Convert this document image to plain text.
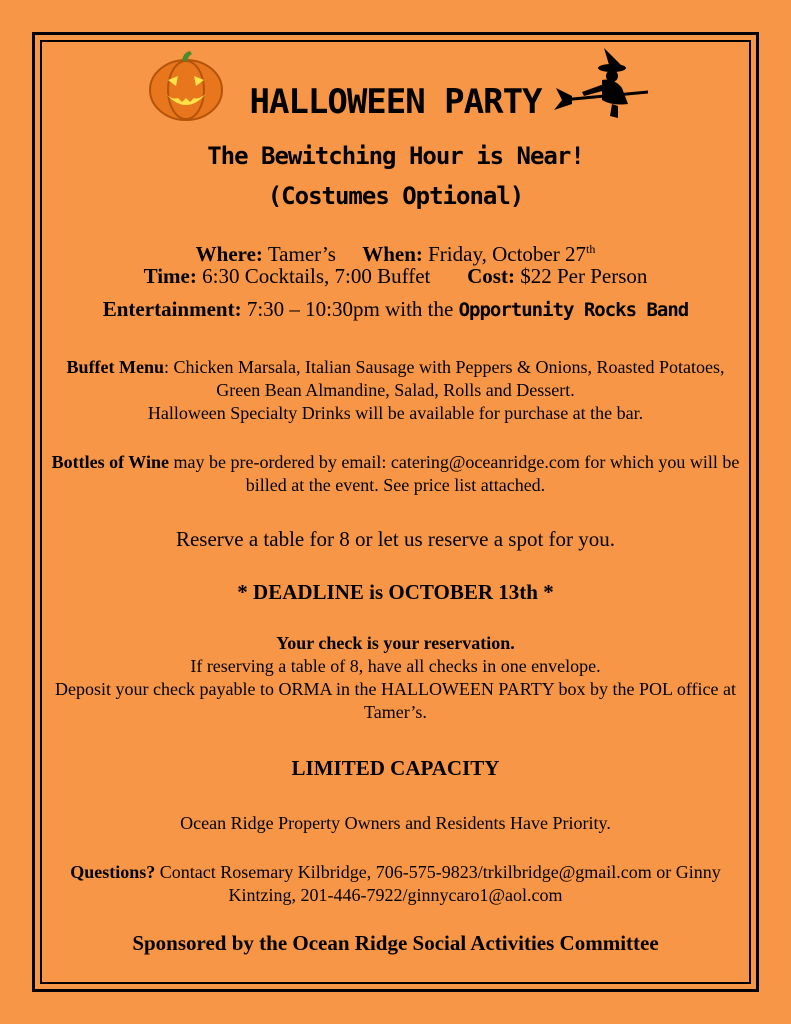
HALLOWEEN PARTY
The Bewitching Hour is Near!
(Costumes Optional)
Where: Tamer’s When: Friday, October 27th
Time: 6:30 Cocktails, 7:00 Buffet Cost: $22 Per Person
Entertainment: 7:30 – 10:30pm with the Opportunity Rocks Band
Buffet Menu: Chicken Marsala, Italian Sausage with Peppers & Onions, Roasted Potatoes, Green Bean Almandine, Salad, Rolls and Dessert.
Halloween Specialty Drinks will be available for purchase at the bar.
Bottles of Wine may be pre-ordered by email: catering@oceanridge.com for which you will be billed at the event. See price list attached.
Reserve a table for 8 or let us reserve a spot for you.
* DEADLINE is OCTOBER 13th *
Your check is your reservation.
If reserving a table of 8, have all checks in one envelope.
Deposit your check payable to ORMA in the HALLOWEEN PARTY box by the POL office at Tamer’s.
LIMITED CAPACITY
Ocean Ridge Property Owners and Residents Have Priority.
Questions? Contact Rosemary Kilbridge, 706-575-9823/trkilbridge@gmail.com or Ginny Kintzing, 201-446-7922/ginnycaro1@aol.com
Sponsored by the Ocean Ridge Social Activities Committee
